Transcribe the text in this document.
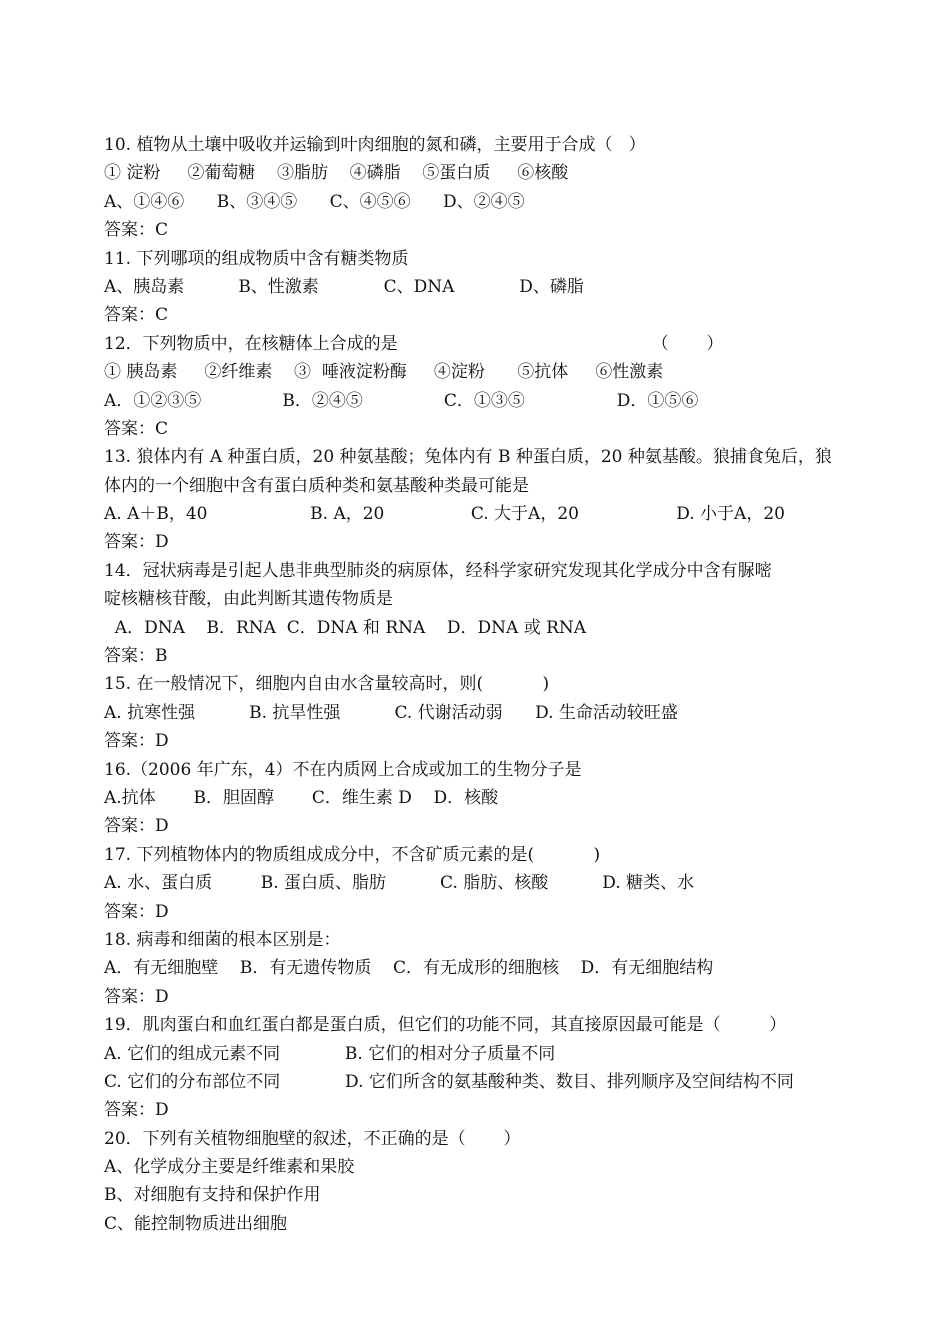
10. 植物从土壤中吸收并运输到叶肉细胞的氮和磷，主要用于合成（   ）
① 淀粉     ②葡萄糖    ③脂肪    ④磷脂    ⑤蛋白质     ⑥核酸
A、①④⑥      B、③④⑤      C、④⑤⑥      D、②④⑤
答案：C
11. 下列哪项的组成物质中含有糖类物质
A、胰岛素          B、性激素            C、DNA            D、磷脂
答案：C
12．下列物质中，在核糖体上合成的是                                               （       ）
① 胰岛素     ②纤维素    ③  唾液淀粉酶     ④淀粉      ⑤抗体     ⑥性激素
A．①②③⑤               B．②④⑤               C．①③⑤                 D．①⑤⑥
答案：C
13. 狼体内有 A 种蛋白质，20 种氨基酸；兔体内有 B 种蛋白质，20 种氨基酸。狼捕食兔后，狼
体内的一个细胞中含有蛋白质种类和氨基酸种类最可能是
A. A＋B，40                   B. A，20                C. 大于A，20                  D. 小于A，20
答案：D
14．冠状病毒是引起人患非典型肺炎的病原体，经科学家研究发现其化学成分中含有脲嘧
啶核糖核苷酸，由此判断其遗传物质是
A．DNA    B．RNA  C．DNA 和 RNA    D．DNA 或 RNA
答案：B
15. 在一般情况下，细胞内自由水含量较高时，则(           )
A. 抗寒性强          B. 抗旱性强          C. 代谢活动弱      D. 生命活动较旺盛
答案：D
16.（2006 年广东，4）不在内质网上合成或加工的生物分子是
A.抗体       B．胆固醇       C．维生素 D    D．核酸
答案：D
17. 下列植物体内的物质组成成分中，不含矿质元素的是(           )
A. 水、蛋白质         B. 蛋白质、脂肪          C. 脂肪、核酸          D. 糖类、水
答案：D
18. 病毒和细菌的根本区别是：
A．有无细胞壁    B．有无遗传物质    C．有无成形的细胞核    D．有无细胞结构
答案：D
19．肌肉蛋白和血红蛋白都是蛋白质，但它们的功能不同，其直接原因最可能是（         ）
A. 它们的组成元素不同            B. 它们的相对分子质量不同
C. 它们的分布部位不同            D. 它们所含的氨基酸种类、数目、排列顺序及空间结构不同
答案：D
20．下列有关植物细胞壁的叙述，不正确的是（       ）
A、化学成分主要是纤维素和果胶
B、对细胞有支持和保护作用
C、能控制物质进出细胞
